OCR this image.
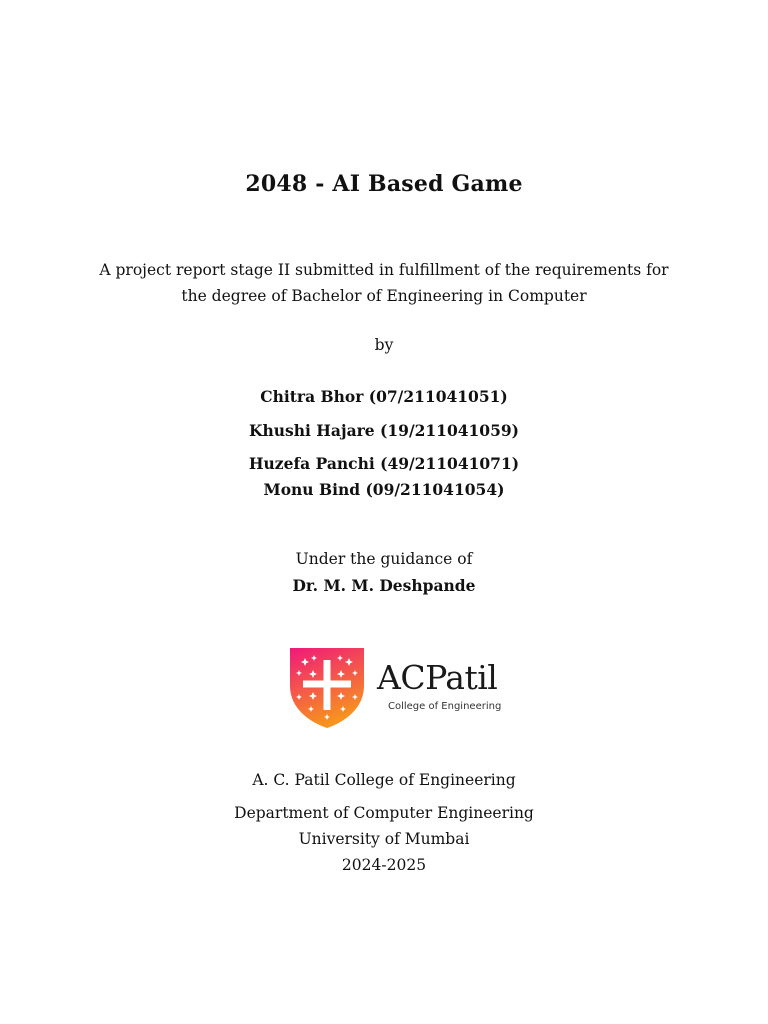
2048 - AI Based Game
A project report stage II submitted in fulfillment of the requirements for
the degree of Bachelor of Engineering in Computer
by
Chitra Bhor (07/211041051)
Khushi Hajare (19/211041059)
Huzefa Panchi (49/211041071)
Monu Bind (09/211041054)
Under the guidance of
Dr. M. M. Deshpande
ACPatil
College of Engineering
A. C. Patil College of Engineering
Department of Computer Engineering
University of Mumbai
2024-2025
